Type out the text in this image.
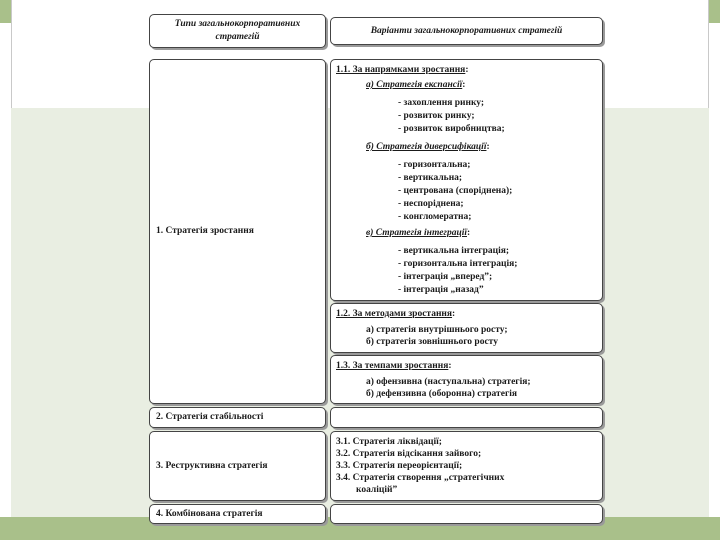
Типи загальнокорпоративних стратегій
Варіанти загальнокорпоративних стратегій
1. Стратегія зростання
2. Стратегія стабільності
3. Реструктивна стратегія
4. Комбінована стратегія
1.1. За напрямками зростання:
а) Стратегія експансії:
- захоплення ринку;
- розвиток ринку;
- розвиток виробництва;
б) Стратегія диверсифікації:
- горизонтальна;
- вертикальна;
- центрована (споріднена);
- неспоріднена;
- конгломератна;
в) Стратегія інтеграції:
- вертикальна інтеграція;
- горизонтальна інтеграція;
- інтеграція „вперед”;
- інтеграція „назад”
1.2. За методами зростання:
а) стратегія внутрішнього росту;
б) стратегія зовнішнього росту
1.3. За темпами зростання:
а) офензивна (наступальна) стратегія;
б) дефензивна (оборонна) стратегія
3.1. Стратегія ліквідації;
3.2. Стратегія відсікання зайвого;
3.3. Стратегія переорієнтації;
3.4. Стратегія створення „стратегічних
коаліцій”
